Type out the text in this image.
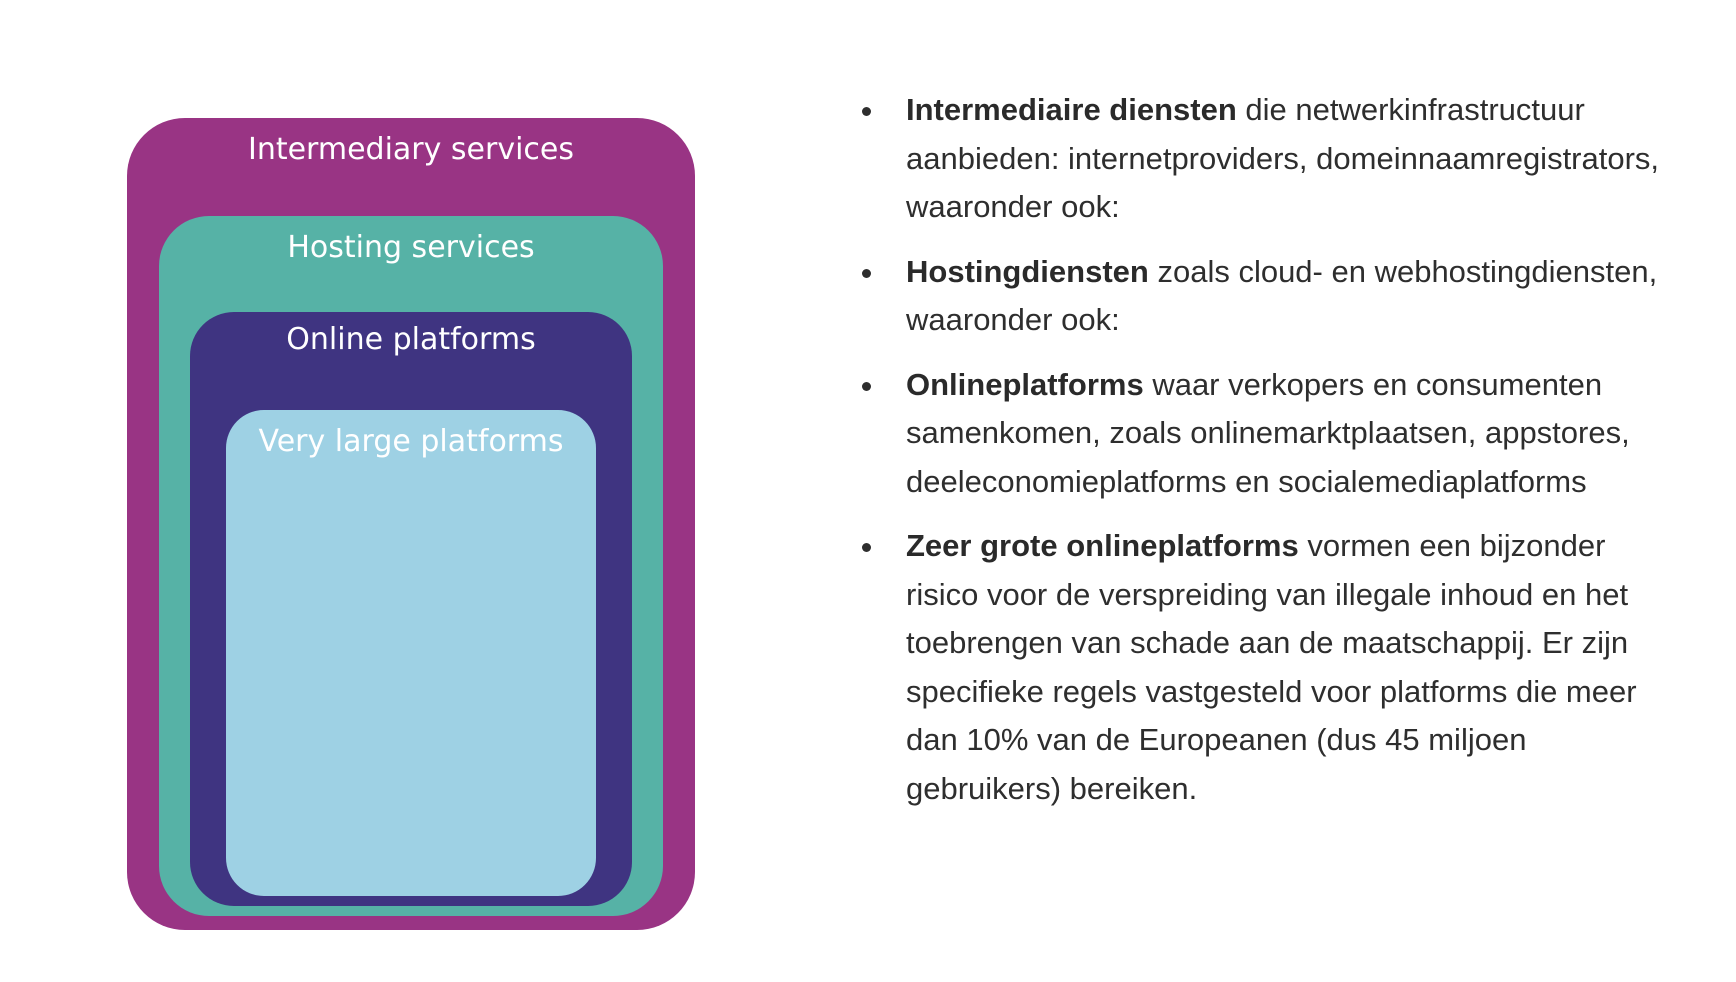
Intermediary services
Hosting services
Online platforms
Very large platforms
Intermediaire diensten die netwerkinfrastructuur aanbieden: internetproviders, domeinnaamregistrators, waaronder ook:
Hostingdiensten zoals cloud- en webhostingdiensten, waaronder ook:
Onlineplatforms waar verkopers en consumenten samenkomen, zoals onlinemarktplaatsen, appstores, deeleconomieplatforms en socialemediaplatforms
Zeer grote onlineplatforms vormen een bijzonder risico voor de verspreiding van illegale inhoud en het toebrengen van schade aan de maatschappij. Er zijn specifieke regels vastgesteld voor platforms die meer dan 10% van de Europeanen (dus 45 miljoen gebruikers) bereiken.
